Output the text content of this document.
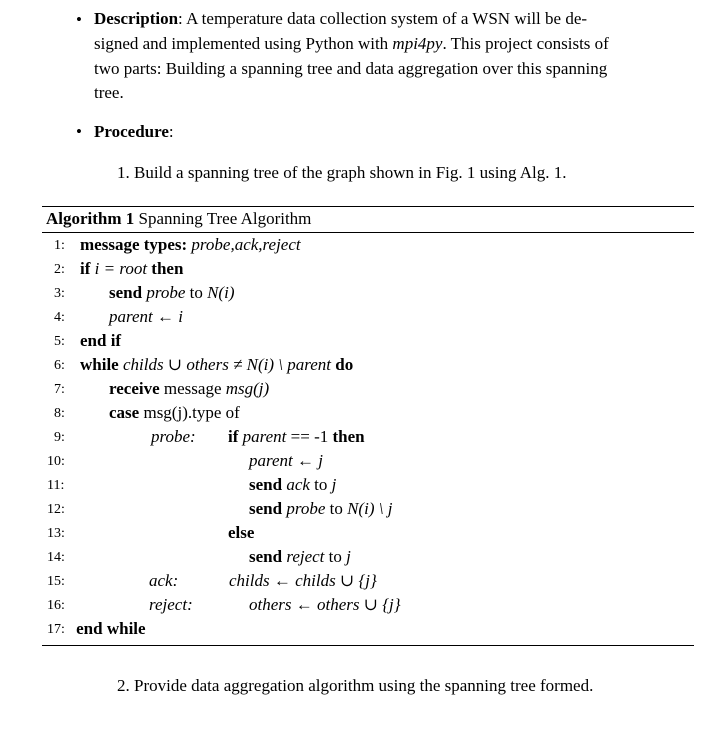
• Description: A temperature data collection system of a WSN will be de-
signed and implemented using Python with mpi4py. This project consists of
two parts: Building a spanning tree and data aggregation over this spanning
tree.
• Procedure:
1. Build a spanning tree of the graph shown in Fig. 1 using Alg. 1.
Algorithm 1 Spanning Tree Algorithm
1:
2:
3:
4:
5:
6:
7:
8:
9:
10:
11:
12:
13:
14:
15:
16:
17:
message types: probe,ack,reject
if i = root then
send probe to N(i)
parent ← i
end if
while childs ∪ others ≠ N(i) \ parent do
receive message msg(j)
case msg(j).type of
probe: if parent == -1 then
parent ← j
send ack to j
send probe to N(i) \ j
else
send reject to j
ack:	childs ← childs ∪ {j}
reject:	others ← others ∪ {j}
end while
2. Provide data aggregation algorithm using the spanning tree formed.
